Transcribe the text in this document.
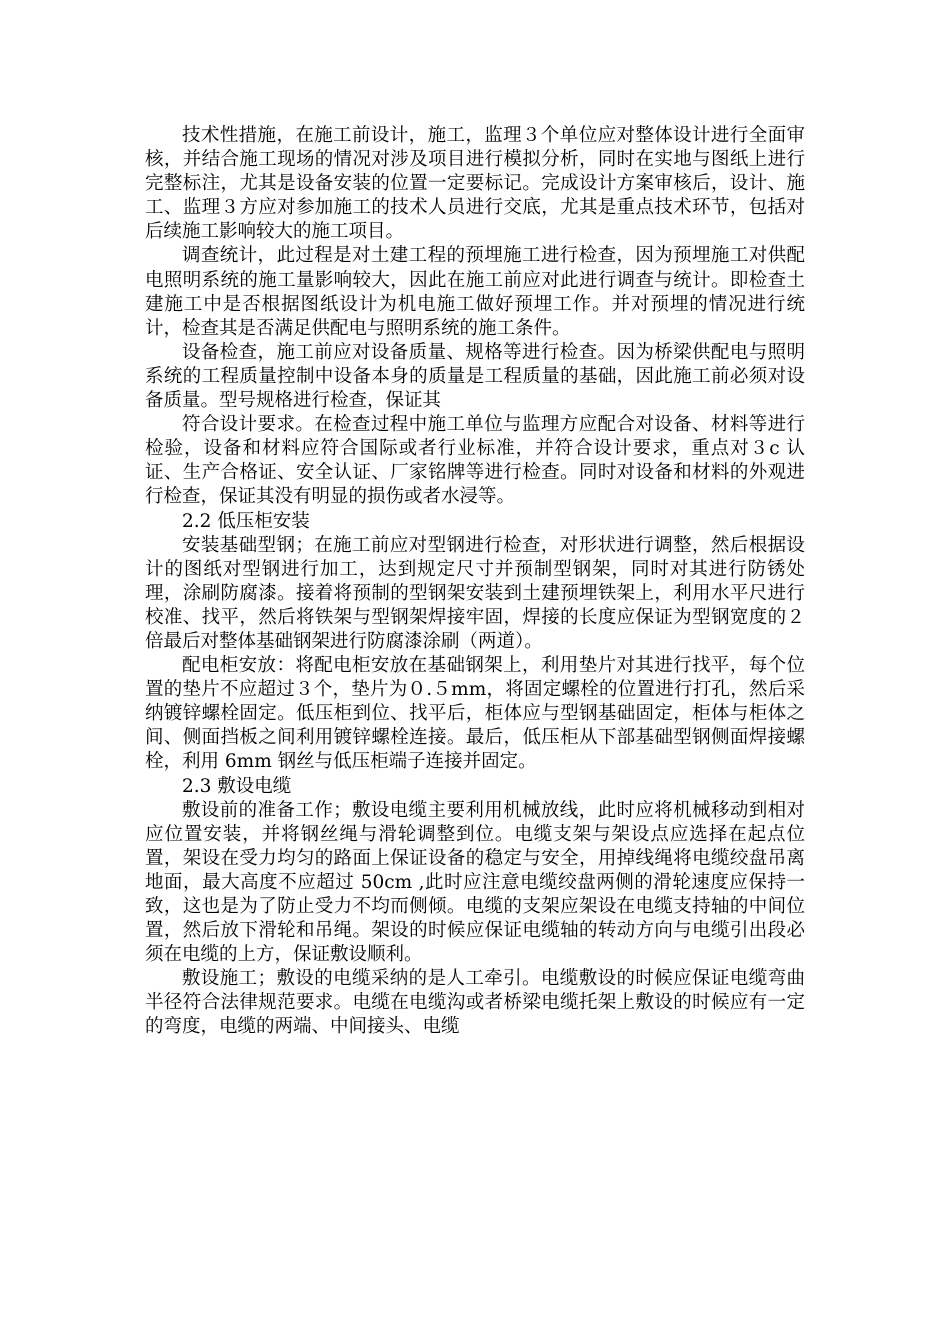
技术性措施，在施工前设计，施工，监理３个单位应对整体设计进行全面审核，并结合施工现场的情况对涉及项目进行模拟分析，同时在实地与图纸上进行完整标注，尤其是设备安装的位置一定要标记。完成设计方案审核后，设计、施工、监理３方应对参加施工的技术人员进行交底，尤其是重点技术环节，包括对后续施工影响较大的施工项目。

调查统计，此过程是对土建工程的预埋施工进行检查，因为预埋施工对供配电照明系统的施工量影响较大，因此在施工前应对此进行调查与统计。即检查土建施工中是否根据图纸设计为机电施工做好预埋工作。并对预埋的情况进行统计，检查其是否满足供配电与照明系统的施工条件。

设备检查，施工前应对设备质量、规格等进行检查。因为桥梁供配电与照明系统的工程质量控制中设备本身的质量是工程质量的基础，因此施工前必须对设备质量。型号规格进行检查，保证其

符合设计要求。在检查过程中施工单位与监理方应配合对设备、材料等进行检验，设备和材料应符合国际或者行业标准，并符合设计要求，重点对３c 认证、生产合格证、安全认证、厂家铭牌等进行检查。同时对设备和材料的外观进行检查，保证其没有明显的损伤或者水浸等。

2.2 低压柜安装

安装基础型钢；在施工前应对型钢进行检查，对形状进行调整，然后根据设计的图纸对型钢进行加工，达到规定尺寸并预制型钢架，同时对其进行防锈处理，涂刷防腐漆。接着将预制的型钢架安装到土建预埋铁架上，利用水平尺进行校准、找平，然后将铁架与型钢架焊接牢固，焊接的长度应保证为型钢宽度的２倍最后对整体基础钢架进行防腐漆涂刷（两道）。

配电柜安放：将配电柜安放在基础钢架上，利用垫片对其进行找平，每个位置的垫片不应超过３个，垫片为０.５mm，将固定螺栓的位置进行打孔，然后采纳镀锌螺栓固定。低压柜到位、找平后，柜体应与型钢基础固定，柜体与柜体之间、侧面挡板之间利用镀锌螺栓连接。最后，低压柜从下部基础型钢侧面焊接螺栓，利用 6mm 钢丝与低压柜端子连接并固定。

2.3 敷设电缆

敷设前的准备工作；敷设电缆主要利用机械放线，此时应将机械移动到相对应位置安装，并将钢丝绳与滑轮调整到位。电缆支架与架设点应选择在起点位置，架设在受力均匀的路面上保证设备的稳定与安全，用掉线绳将电缆绞盘吊离地面，最大高度不应超过 50cm ,此时应注意电缆绞盘两侧的滑轮速度应保持一致，这也是为了防止受力不均而侧倾。电缆的支架应架设在电缆支持轴的中间位置，然后放下滑轮和吊绳。架设的时候应保证电缆轴的转动方向与电缆引出段必须在电缆的上方，保证敷设顺利。

敷设施工；敷设的电缆采纳的是人工牵引。电缆敷设的时候应保证电缆弯曲半径符合法律规范要求。电缆在电缆沟或者桥梁电缆托架上敷设的时候应有一定的弯度，电缆的两端、中间接头、电缆
